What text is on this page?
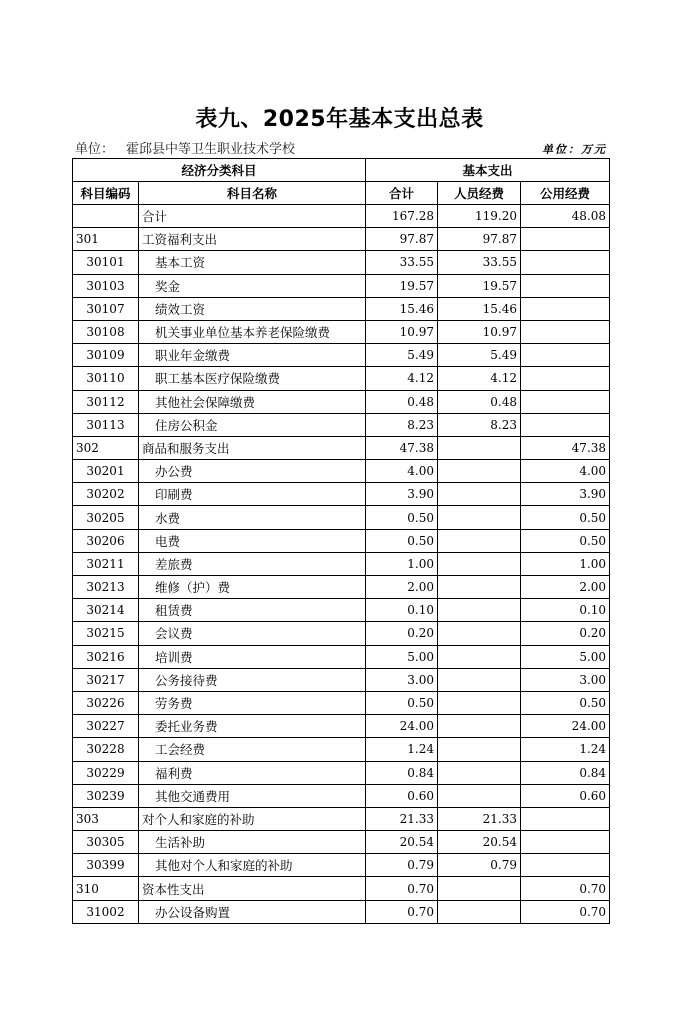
表九、2025年基本支出总表
单位： 霍邱县中等卫生职业技术学校	单位：万元
经济分类科目		基本支出		
科目编码	科目名称	合计	人员经费	公用经费
	合计	167.28	119.20	48.08
301	工资福利支出	97.87	97.87	
30101	基本工资	33.55	33.55	
30103	奖金	19.57	19.57	
30107	绩效工资	15.46	15.46	
30108	机关事业单位基本养老保险缴费	10.97	10.97	
30109	职业年金缴费	5.49	5.49	
30110	职工基本医疗保险缴费	4.12	4.12	
30112	其他社会保障缴费	0.48	0.48	
30113	住房公积金	8.23	8.23	
302	商品和服务支出	47.38		47.38
30201	办公费	4.00		4.00
30202	印刷费	3.90		3.90
30205	水费	0.50		0.50
30206	电费	0.50		0.50
30211	差旅费	1.00		1.00
30213	维修（护）费	2.00		2.00
30214	租赁费	0.10		0.10
30215	会议费	0.20		0.20
30216	培训费	5.00		5.00
30217	公务接待费	3.00		3.00
30226	劳务费	0.50		0.50
30227	委托业务费	24.00		24.00
30228	工会经费	1.24		1.24
30229	福利费	0.84		0.84
30239	其他交通费用	0.60		0.60
303	对个人和家庭的补助	21.33	21.33	
30305	生活补助	20.54	20.54	
30399	其他对个人和家庭的补助	0.79	0.79	
310	资本性支出	0.70		0.70
31002	办公设备购置	0.70		0.70
